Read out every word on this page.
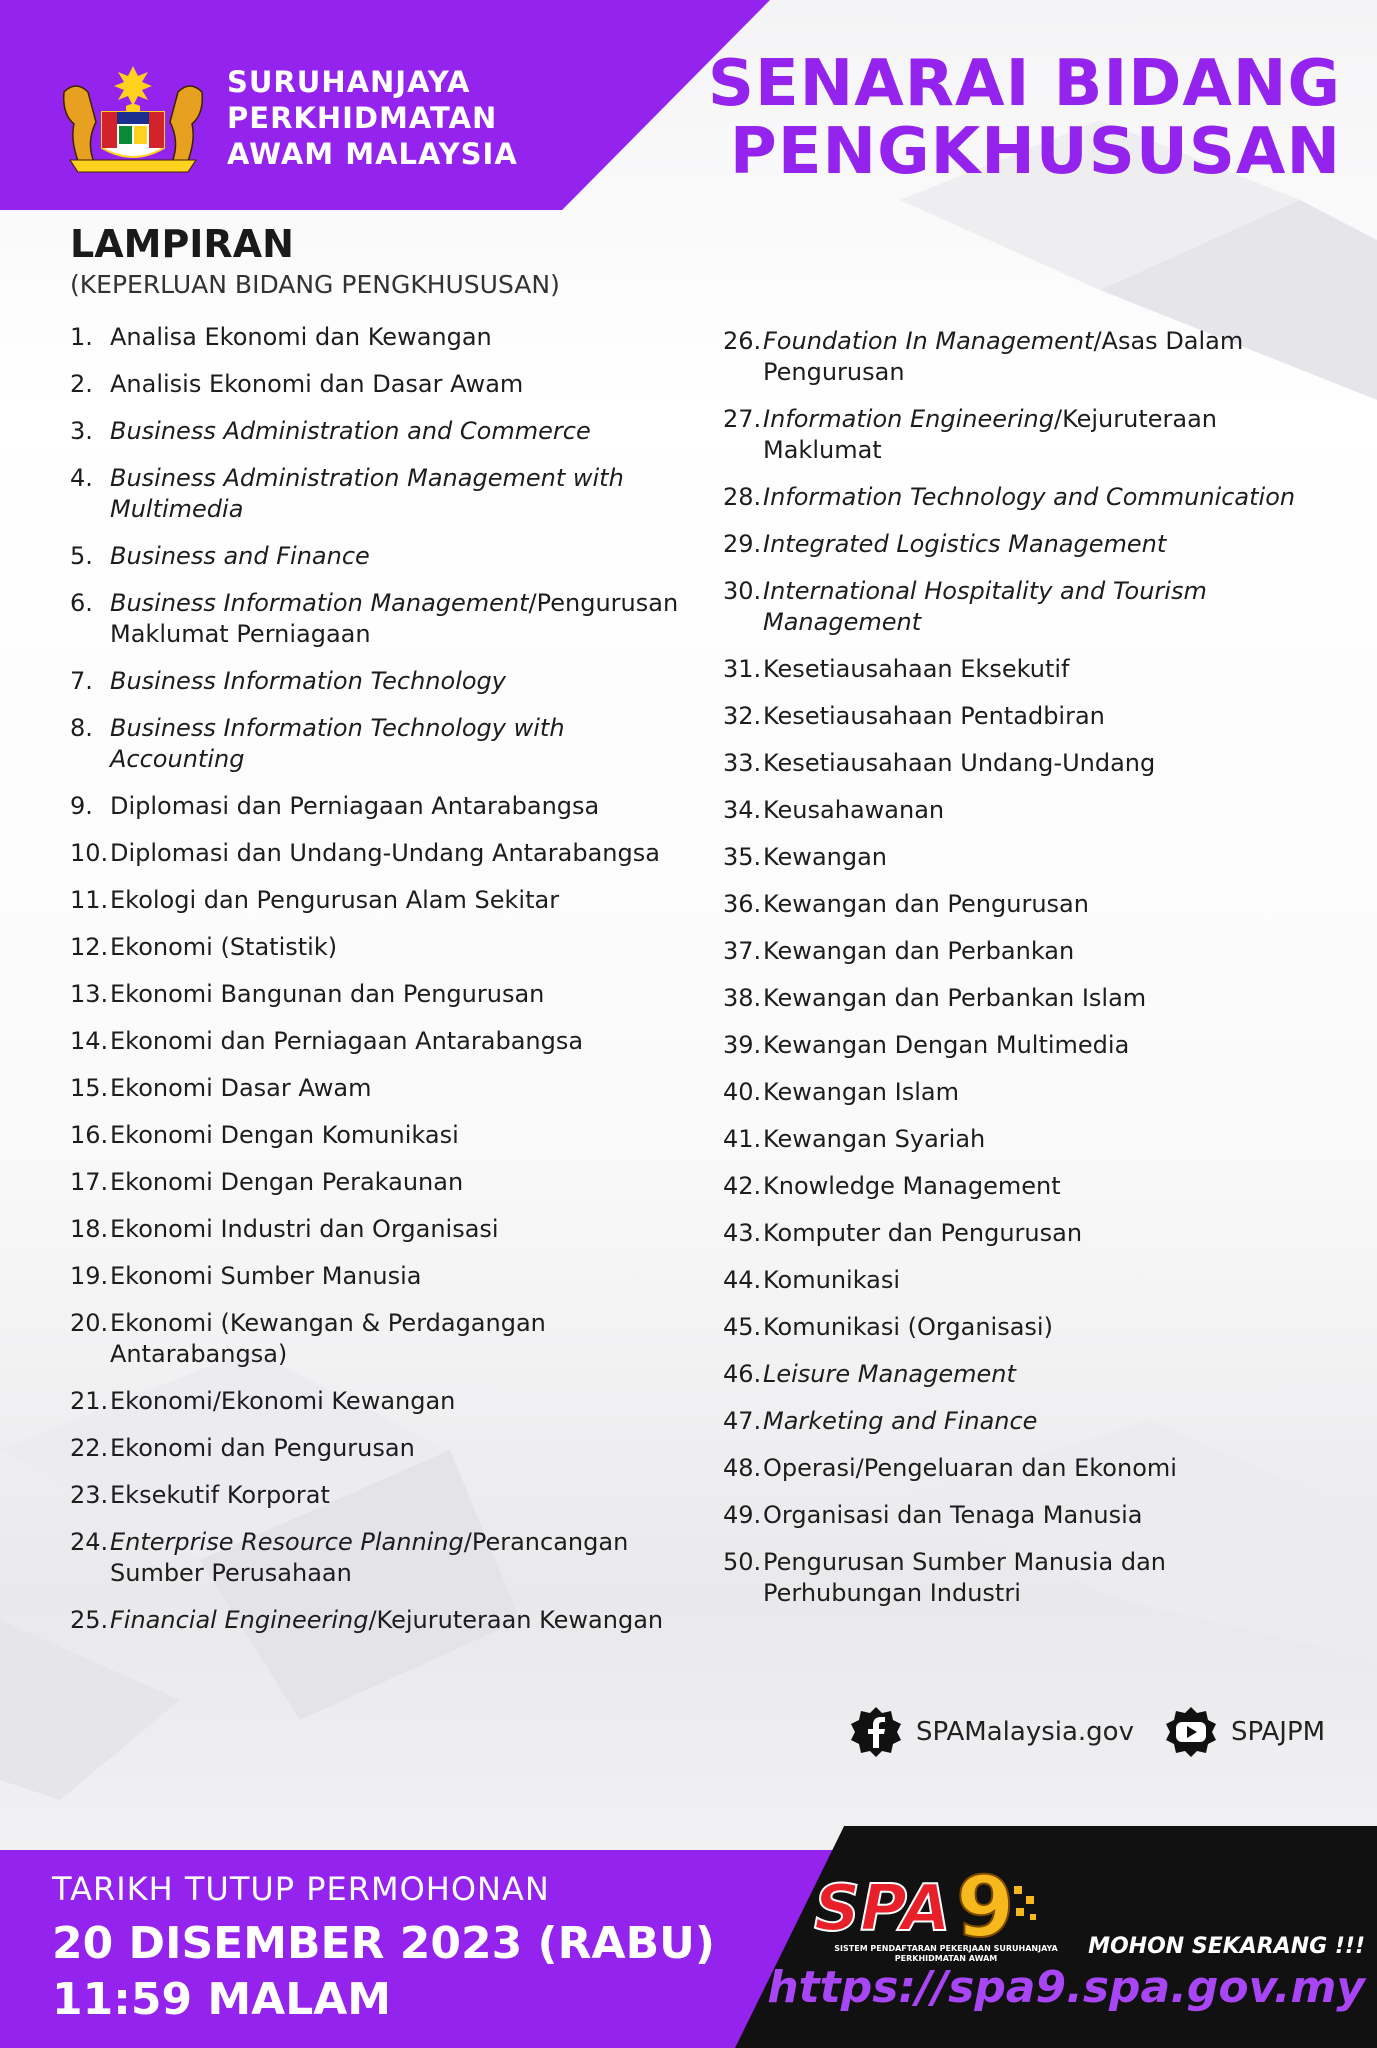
SURUHANJAYA
PERKHIDMATAN
AWAM MALAYSIA
SENARAI BIDANG
PENGKHUSUSAN
LAMPIRAN
(KEPERLUAN BIDANG PENGKHUSUSAN)
1. Analisa Ekonomi dan Kewangan
2. Analisis Ekonomi dan Dasar Awam
3. Business Administration and Commerce
4. Business Administration Management with Multimedia
5. Business and Finance
6. Business Information Management/Pengurusan Maklumat Perniagaan
7. Business Information Technology
8. Business Information Technology with Accounting
9. Diplomasi dan Perniagaan Antarabangsa
10. Diplomasi dan Undang-Undang Antarabangsa
11. Ekologi dan Pengurusan Alam Sekitar
12. Ekonomi (Statistik)
13. Ekonomi Bangunan dan Pengurusan
14. Ekonomi dan Perniagaan Antarabangsa
15. Ekonomi Dasar Awam
16. Ekonomi Dengan Komunikasi
17. Ekonomi Dengan Perakaunan
18. Ekonomi Industri dan Organisasi
19. Ekonomi Sumber Manusia
20. Ekonomi (Kewangan & Perdagangan Antarabangsa)
21. Ekonomi/Ekonomi Kewangan
22. Ekonomi dan Pengurusan
23. Eksekutif Korporat
24. Enterprise Resource Planning/Perancangan Sumber Perusahaan
25. Financial Engineering/Kejuruteraan Kewangan
26. Foundation In Management/Asas Dalam Pengurusan
27. Information Engineering/Kejuruteraan Maklumat
28. Information Technology and Communication
29. Integrated Logistics Management
30. International Hospitality and Tourism Management
31. Kesetiausahaan Eksekutif
32. Kesetiausahaan Pentadbiran
33. Kesetiausahaan Undang-Undang
34. Keusahawanan
35. Kewangan
36. Kewangan dan Pengurusan
37. Kewangan dan Perbankan
38. Kewangan dan Perbankan Islam
39. Kewangan Dengan Multimedia
40. Kewangan Islam
41. Kewangan Syariah
42. Knowledge Management
43. Komputer dan Pengurusan
44. Komunikasi
45. Komunikasi (Organisasi)
46. Leisure Management
47. Marketing and Finance
48. Operasi/Pengeluaran dan Ekonomi
49. Organisasi dan Tenaga Manusia
50. Pengurusan Sumber Manusia dan Perhubungan Industri
SPAMalaysia.gov	SPAJPM
TARIKH TUTUP PERMOHONAN
20 DISEMBER 2023 (RABU)
11:59 MALAM
SPA 9
SISTEM PENDAFTARAN PEKERJAAN SURUHANJAYA PERKHIDMATAN AWAM	MOHON SEKARANG !!!
https://spa9.spa.gov.my
